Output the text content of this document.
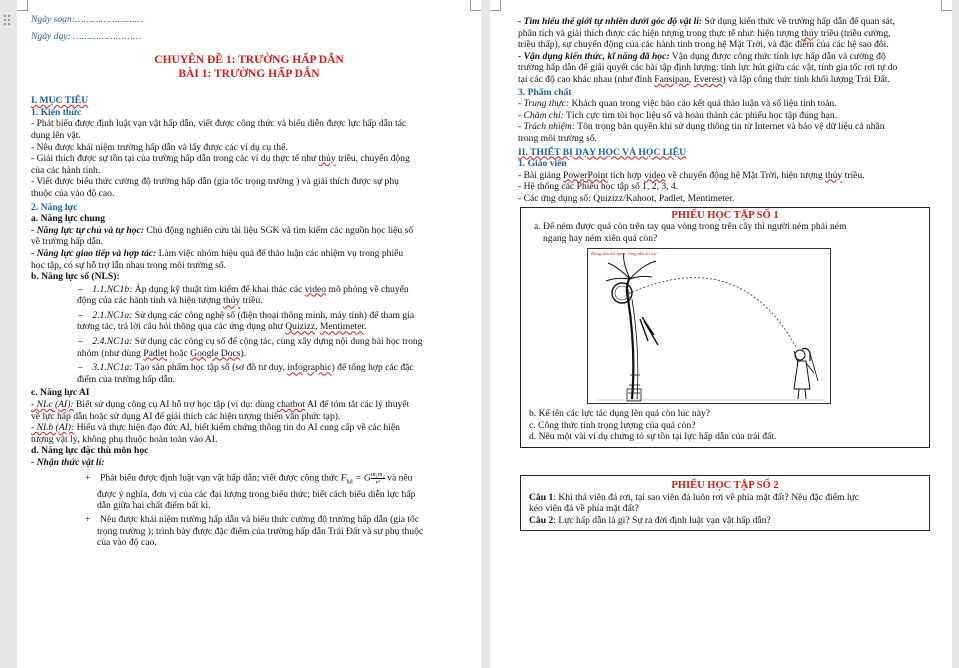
Ngày soạn:……………………

Ngày dạy: ……………………

CHUYÊN ĐỀ 1: TRƯỜNG HẤP DẪN

BÀI 1: TRƯỜNG HẤP DẪN

I. MỤC TIÊU

1. Kiến thức

- Phát biểu được định luật vạn vật hấp dẫn, viết được công thức và biểu diễn được lực hấp dẫn tác

dụng lên vật.

- Nêu được khái niệm trường hấp dẫn và lấy được các ví dụ cụ thể.

- Giải thích được sự tồn tại của trường hấp dẫn trong các ví dụ thực tế như thủy triều, chuyển động

của các hành tinh.

- Viết được biểu thức cường độ trường hấp dẫn (gia tốc trọng trường ) và giải thích được sự phụ

thuộc của vào độ cao.

2. Năng lực

a. Năng lực chung

- Năng lực tự chủ và tự học: Chủ động nghiên cứu tài liệu SGK và tìm kiếm các nguồn học liệu số

về trường hấp dẫn.

- Năng lực giao tiếp và hợp tác: Làm việc nhóm hiệu quả để thảo luận các nhiệm vụ trong phiếu

học tập, có sự hỗ trợ lẫn nhau trong môi trường số.

b. Năng lực số (NLS):

–    1.1.NC1b: Áp dụng kỹ thuật tìm kiếm để khai thác các video mô phỏng về chuyển

động của các hành tinh và hiện tượng thủy triều.

–    2.1.NC1a: Sử dụng các công nghệ số (điện thoại thông minh, máy tính) để tham gia

tương tác, trả lời câu hỏi thông qua các ứng dụng như Quizizz, Mentimeter.

–    2.4.NC1a: Sử dụng các công cụ số để cộng tác, cùng xây dựng nội dung bài học trong

nhóm (như dùng Padlet hoặc Google Docs).

–    3.1.NC1a: Tạo sản phẩm học tập số (sơ đồ tư duy, infographic) để tổng hợp các đặc

điểm của trường hấp dẫn.

c. Năng lực AI

- NLc (AI): Biết sử dụng công cụ AI hỗ trợ học tập (ví dụ: dùng chatbot AI để tóm tắt các lý thuyết

về lực hấp dẫn hoặc sử dụng AI để giải thích các hiện tượng thiên văn phức tạp).

- NLb (AI): Hiểu và thực hiện đạo đức AI, biết kiểm chứng thông tin do AI cung cấp về các hiện

tượng vật lý, không phụ thuộc hoàn toàn vào AI.

d. Năng lực đặc thù môn học

- Nhận thức vật lí:

+    Phát biểu được định luật vạn vật hấp dẫn; viết được công thức $F_{hd} = G \frac{\text{m₁m₂}}{\text{r²}}$ và nêu

được ý nghĩa, đơn vị của các đại lượng trong biểu thức; biết cách biểu diễn lực hấp

dẫn giữa hai chất điểm bất kì.

+    Nêu được khái niệm trường hấp dẫn và biểu thức cường độ trường hấp dẫn (gia tốc

trọng trường ); trình bày được đặc điểm của trường hấp dẫn Trái Đất và sự phụ thuộc

của vào độ cao.

- Tìm hiểu thế giới tự nhiên dưới góc độ vật lí: Sử dụng kiến thức về trường hấp dẫn để quan sát,

phân tích và giải thích được các hiện tượng trong thực tế như: hiện tượng thủy triều (triều cường,

triều thấp), sự chuyển động của các hành tinh trong hệ Mặt Trời, và đặc điểm của các hệ sao đôi.

- Vận dụng kiến thức, kĩ năng đã học: Vận dụng được công thức tính lực hấp dẫn và cường độ

trường hấp dẫn để giải quyết các bài tập định lượng: tính lực hút giữa các vật, tính gia tốc rơi tự do

tại các độ cao khác nhau (như đỉnh Fansipan, Everest) và lập công thức tính khối lượng Trái Đất.

3. Phẩm chất

- Trung thực: Khách quan trong việc báo cáo kết quả thảo luận và số liệu tính toán.

- Chăm chỉ: Tích cực tìm tòi học liệu số và hoàn thành các phiếu học tập đúng hạn.

- Trách nhiệm: Tôn trọng bản quyền khi sử dụng thông tin từ Internet và bảo vệ dữ liệu cá nhân

trong môi trường số.

II. THIẾT BỊ DẠY HỌC VÀ HỌC LIỆU

1. Giáo viên

- Bài giảng PowerPoint tích hợp video về chuyển động hệ Mặt Trời, hiện tượng thủy triều.

- Hệ thống các Phiếu học tập số 1, 2, 3, 4.

- Các ứng dụng số: Quizizz/Kahoot, Padlet, Mentimeter.

PHIẾU HỌC TẬP SỐ 1

a. Để ném được quả còn trên tay qua vòng trong trên cây thì người ném phải ném

ngang hay ném xiên quả còn?

Hàng tâm thể quả - Vòng tâm trí tuệ

b. Kể tên các lực tác dụng lên quả còn lúc này?

c. Công thức tính trọng lượng của quả còn?

d. Nêu một vài ví dụ chứng tỏ sự tồn tại lực hấp dẫn của trái đất.

PHIẾU HỌC TẬP SỐ 2

Câu 1: Khi thả viên đá rơi, tại sao viên đá luôn rơi về phía mặt đất? Nêu đặc điểm lực

kéo viên đá về phía mặt đất?

Câu 2: Lực hấp dẫn là gì? Sự ra đời định luật vạn vật hấp dẫn?
